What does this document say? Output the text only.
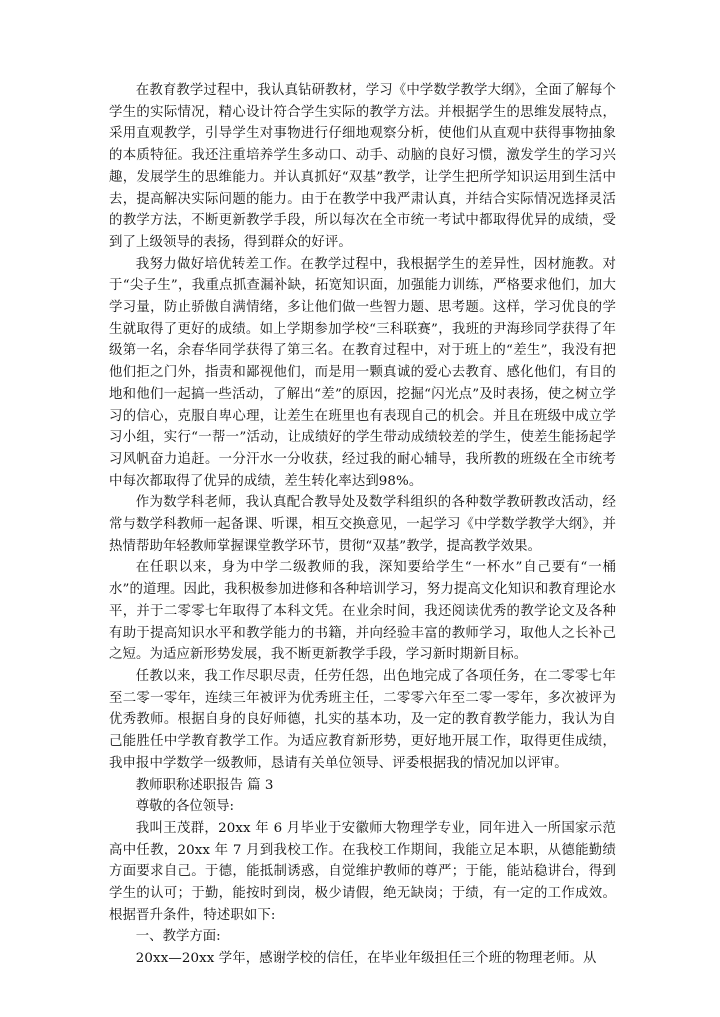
在教育教学过程中，我认真钻研教材，学习《中学数学教学大纲》，全面了解每个学生的实际情况，精心设计符合学生实际的教学方法。并根据学生的思维发展特点，采用直观教学，引导学生对事物进行仔细地观察分析，使他们从直观中获得事物抽象的本质特征。我还注重培养学生多动口、动手、动脑的良好习惯，激发学生的学习兴趣，发展学生的思维能力。并认真抓好“双基”教学，让学生把所学知识运用到生活中去，提高解决实际问题的能力。由于在教学中我严肃认真，并结合实际情况选择灵活的教学方法，不断更新教学手段，所以每次在全市统一考试中都取得优异的成绩，受到了上级领导的表扬，得到群众的好评。

我努力做好培优转差工作。在教学过程中，我根据学生的差异性，因材施教。对于“尖子生”，我重点抓查漏补缺，拓宽知识面，加强能力训练，严格要求他们，加大学习量，防止骄傲自满情绪，多让他们做一些智力题、思考题。这样，学习优良的学生就取得了更好的成绩。如上学期参加学校“三科联赛”，我班的尹海珍同学获得了年级第一名，余春华同学获得了第三名。在教育过程中，对于班上的“差生”，我没有把他们拒之门外，指责和鄙视他们，而是用一颗真诚的爱心去教育、感化他们，有目的地和他们一起搞一些活动，了解出“差”的原因，挖掘“闪光点”及时表扬，使之树立学习的信心，克服自卑心理，让差生在班里也有表现自己的机会。并且在班级中成立学习小组，实行“一帮一”活动，让成绩好的学生带动成绩较差的学生，使差生能扬起学习风帆奋力追赶。一分汗水一分收获，经过我的耐心辅导，我所教的班级在全市统考中每次都取得了优异的成绩，差生转化率达到98%。

作为数学科老师，我认真配合教导处及数学科组织的各种数学教研教改活动，经常与数学科教师一起备课、听课，相互交换意见，一起学习《中学数学教学大纲》，并热情帮助年轻教师掌握课堂教学环节，贯彻“双基”教学，提高教学效果。

在任职以来，身为中学二级教师的我，深知要给学生“一杯水”自己要有“一桶水”的道理。因此，我积极参加进修和各种培训学习，努力提高文化知识和教育理论水平，并于二零零七年取得了本科文凭。在业余时间，我还阅读优秀的教学论文及各种有助于提高知识水平和教学能力的书籍，并向经验丰富的教师学习，取他人之长补己之短。为适应新形势发展，我不断更新教学手段，学习新时期新目标。

任教以来，我工作尽职尽责，任劳任怨，出色地完成了各项任务，在二零零七年至二零一零年，连续三年被评为优秀班主任，二零零六年至二零一零年，多次被评为优秀教师。根据自身的良好师德，扎实的基本功，及一定的教育教学能力，我认为自己能胜任中学教育教学工作。为适应教育新形势，更好地开展工作，取得更佳成绩，我申报中学数学一级教师，恳请有关单位领导、评委根据我的情况加以评审。

教师职称述职报告 篇 3

尊敬的各位领导:

我叫王茂群，20xx 年 6 月毕业于安徽师大物理学专业，同年进入一所国家示范高中任教，20xx 年 7 月到我校工作。在我校工作期间，我能立足本职，从德能勤绩方面要求自己。于德，能抵制诱惑，自觉维护教师的尊严；于能，能站稳讲台，得到学生的认可；于勤，能按时到岗，极少请假，绝无缺岗；于绩，有一定的工作成效。根据晋升条件，特述职如下:

一、教学方面:

20xx—20xx 学年，感谢学校的信任，在毕业年级担任三个班的物理老师。从
